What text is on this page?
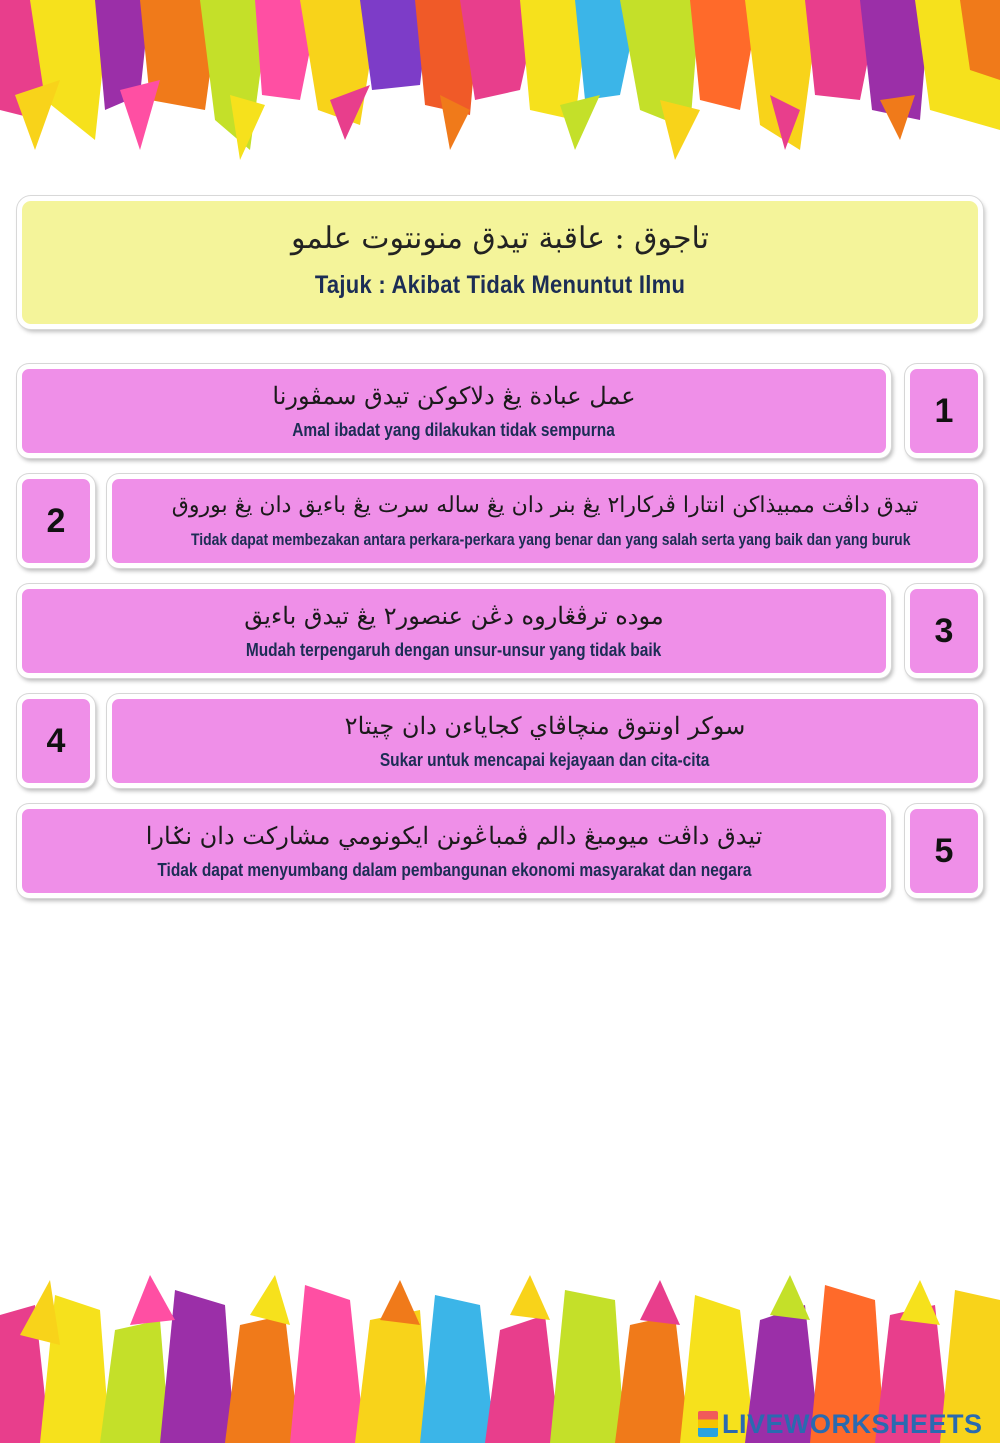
تاجوق : عاقبة تيدق منونتوت علمو
Tajuk : Akibat Tidak Menuntut Ilmu
عمل عبادة يڠ دلاکوکن تيدق سمڤورنا
Amal ibadat yang dilakukan tidak sempurna
1
2	تيدق داڤت ممبيذاکن انتارا ڤرکارا٢ يڠ بنر دان يڠ ساله سرت يڠ باءيق دان يڠ بوروق
Tidak dapat membezakan antara perkara-perkara yang benar dan yang salah serta yang baik dan yang buruk
موده ترڤڠاروه دڠن عنصور٢ يڠ تيدق باءيق
Mudah terpengaruh dengan unsur-unsur yang tidak baik
3
4	سوکر اونتوق منچاڤاي کجاياءن دان چيتا٢
Sukar untuk mencapai kejayaan dan cita-cita
تيدق داڤت ميومبڠ دالم ڤمباڠونن ايکونومي مشارکت دان نݢارا
Tidak dapat menyumbang dalam pembangunan ekonomi masyarakat dan negara
5
LIVEWORKSHEETS
